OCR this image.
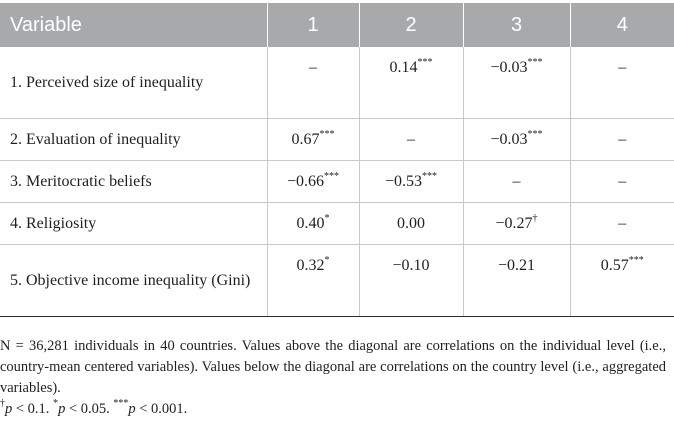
Variable	1	2	3	4
1. Perceived size of inequality	–	0.14***	−0.03***	–
2. Evaluation of inequality	0.67***	–	−0.03***	–
3. Meritocratic beliefs	−0.66***	−0.53***	–	–
4. Religiosity	0.40*	0.00	−0.27†	–
5. Objective income inequality (Gini)	0.32*	−0.10	−0.21	0.57***

N = 36,281 individuals in 40 countries. Values above the diagonal are correlations on the individual level (i.e., country-mean centered variables). Values below the diagonal are correlations on the country level (i.e., aggregated variables).

†p < 0.1. *p < 0.05. ***p < 0.001.
